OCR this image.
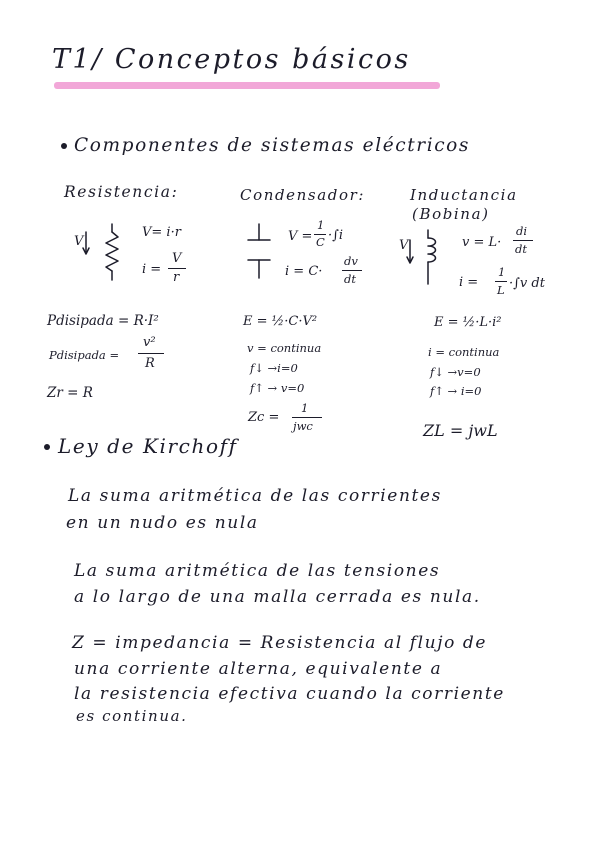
T1/ Conceptos básicos
Componentes de sistemas eléctricos
Resistencia:
V
V= i·r
i =
V
r
Pdisipada = R·I²
Pdisipada =
v²
R
Zr = R
Condensador:
V =
1
C ·∫i
i = C·
dv
dt
E = ½·C·V²
v = continua
f↓ →i=0
f↑ → v=0
Zc =
1
jwc
Inductancia
(Bobina)
V	v = L·
di
dt
i =
1
L ·∫v dt
E = ½·L·i²
i = continua
f↓ →v=0
f↑ → i=0
ZL = jwL
Ley de Kirchoff
La suma aritmética de las corrientes
en un nudo es nula
La suma aritmética de las tensiones
a lo largo de una malla cerrada es nula.
Z = impedancia = Resistencia al flujo de
una corriente alterna, equivalente a
la resistencia efectiva cuando la corriente
es continua.
